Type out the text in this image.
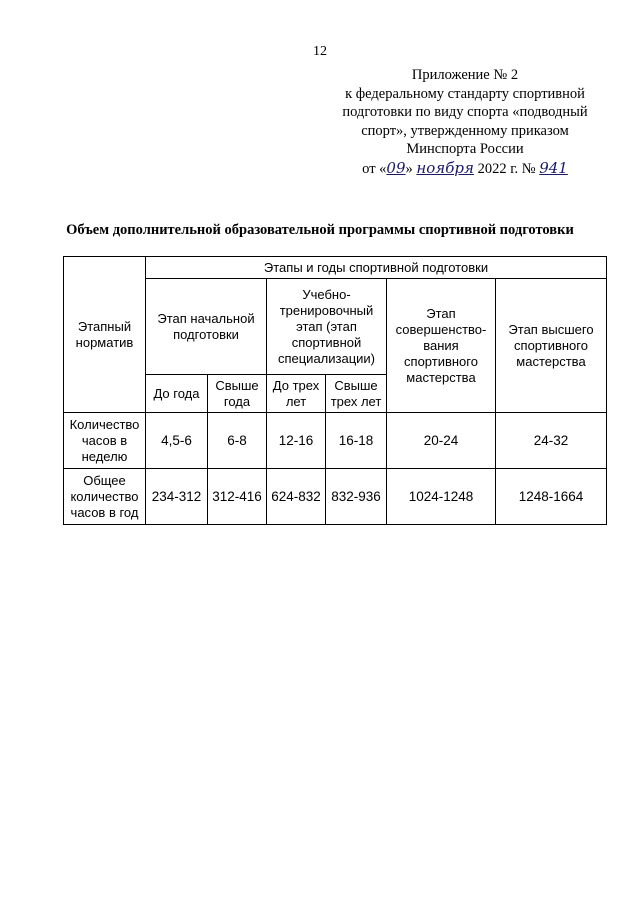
12
Приложение № 2
к федеральному стандарту спортивной
подготовки по виду спорта «подводный
спорт», утвержденному приказом
Минспорта России
от «09» ноября 2022 г. № 941
Объем дополнительной образовательной программы спортивной подготовки
Этапный норматив	Этапы и годы спортивной подготовки					
	Этап начальной подготовки		Учебно-тренировочный этап (этап спортивной специализации)		Этап совершенство-вания спортивного мастерства	Этап высшего спортивного мастерства
	До года	Свыше года	До трех лет	Свыше трех лет		
Количество часов в неделю	4,5-6	6-8	12-16	16-18	20-24	24-32
Общее количество часов в год	234-312	312-416	624-832	832-936	1024-1248	1248-1664
